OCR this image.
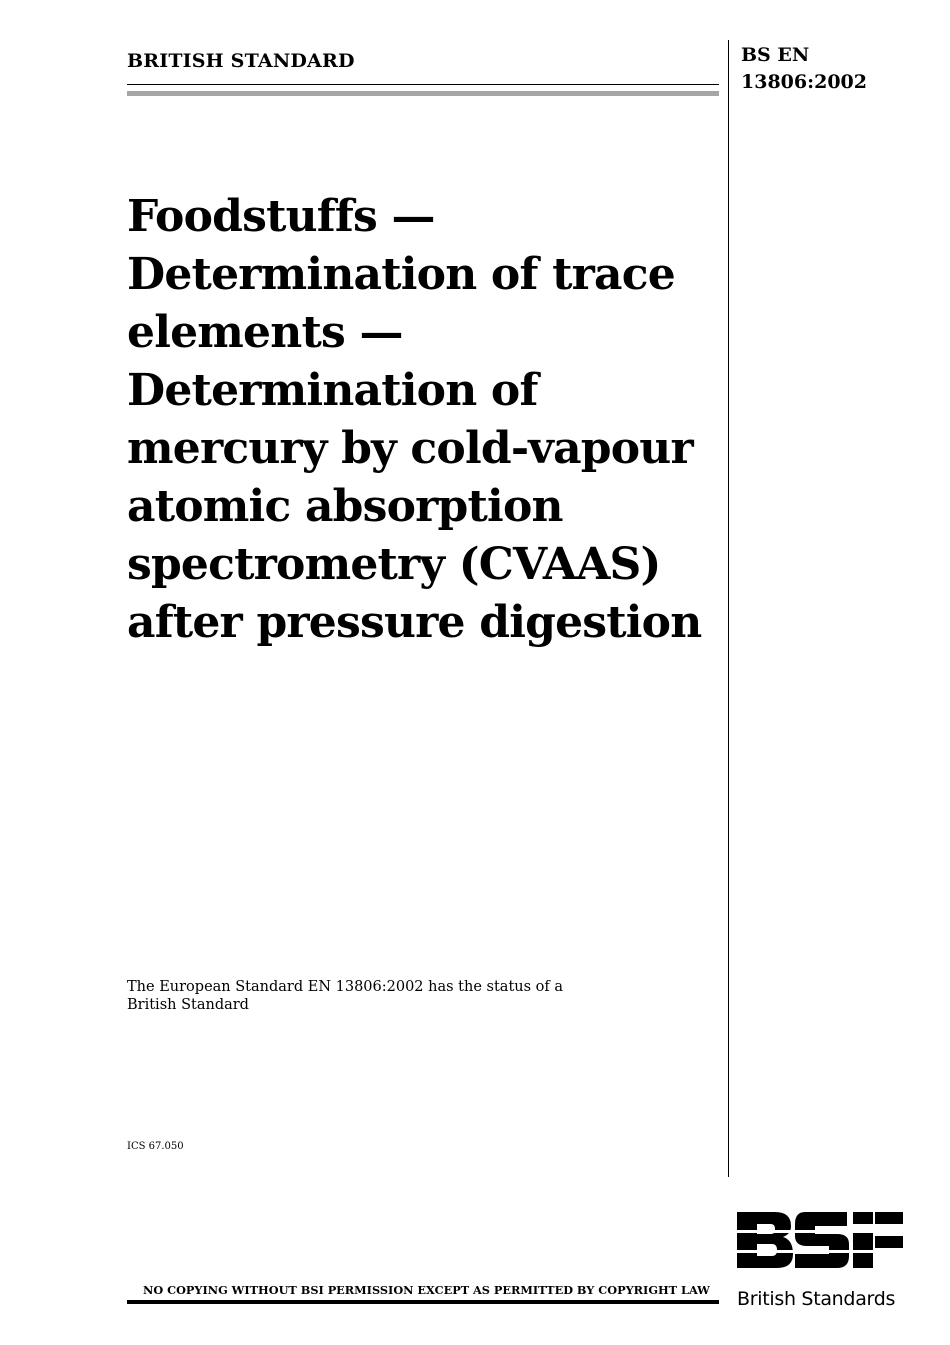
BRITISH STANDARD	BS EN
13806:2002
Foodstuffs —
Determination of trace
elements —
Determination of
mercury by cold-vapour
atomic absorption
spectrometry (CVAAS)
after pressure digestion
The European Standard EN 13806:2002 has the status of a
British Standard
ICS 67.050
NO COPYING WITHOUT BSI PERMISSION EXCEPT AS PERMITTED BY COPYRIGHT LAW British Standards
